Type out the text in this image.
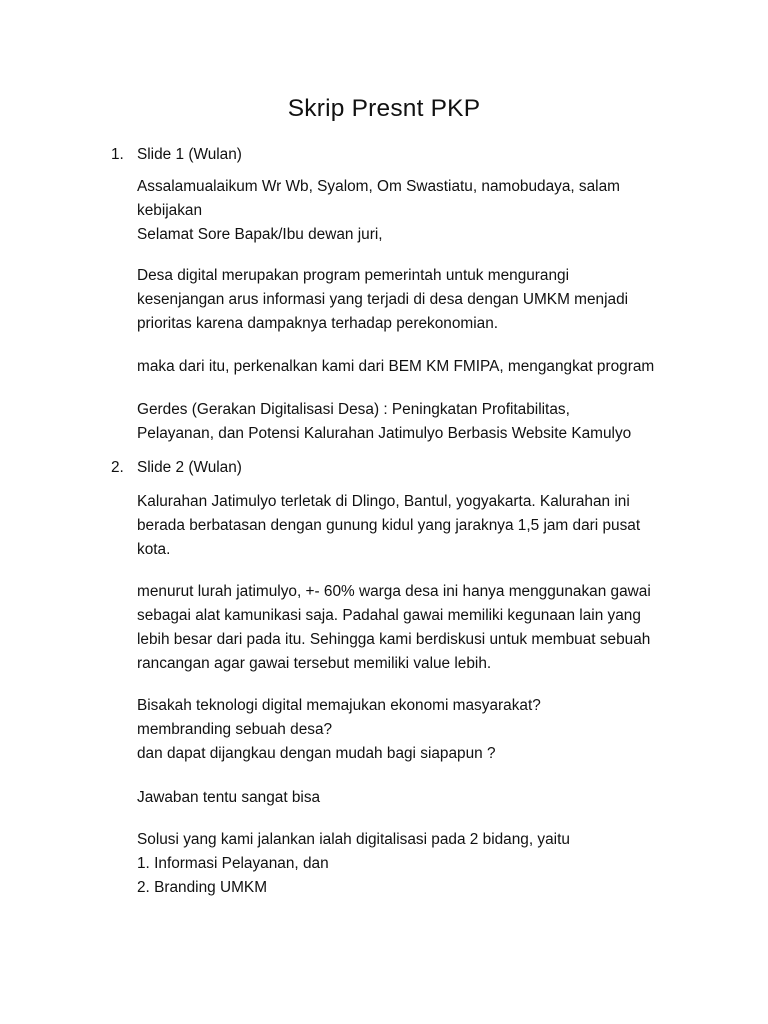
Skrip Presnt PKP
1. Slide 1 (Wulan)
Assalamualaikum Wr Wb, Syalom, Om Swastiatu, namobudaya, salam
kebijakan
Selamat Sore Bapak/Ibu dewan juri,
Desa digital merupakan program pemerintah untuk mengurangi
kesenjangan arus informasi yang terjadi di desa dengan UMKM menjadi
prioritas karena dampaknya terhadap perekonomian.
maka dari itu, perkenalkan kami dari BEM KM FMIPA, mengangkat program
Gerdes (Gerakan Digitalisasi Desa) : Peningkatan Profitabilitas,
Pelayanan, dan Potensi Kalurahan Jatimulyo Berbasis Website Kamulyo
2. Slide 2 (Wulan)
Kalurahan Jatimulyo terletak di Dlingo, Bantul, yogyakarta. Kalurahan ini
berada berbatasan dengan gunung kidul yang jaraknya 1,5 jam dari pusat
kota.
menurut lurah jatimulyo, +- 60% warga desa ini hanya menggunakan gawai
sebagai alat kamunikasi saja. Padahal gawai memiliki kegunaan lain yang
lebih besar dari pada itu. Sehingga kami berdiskusi untuk membuat sebuah
rancangan agar gawai tersebut memiliki value lebih.
Bisakah teknologi digital memajukan ekonomi masyarakat?
membranding sebuah desa?
dan dapat dijangkau dengan mudah bagi siapapun ?
Jawaban tentu sangat bisa
Solusi yang kami jalankan ialah digitalisasi pada 2 bidang, yaitu
1. Informasi Pelayanan, dan
2. Branding UMKM
